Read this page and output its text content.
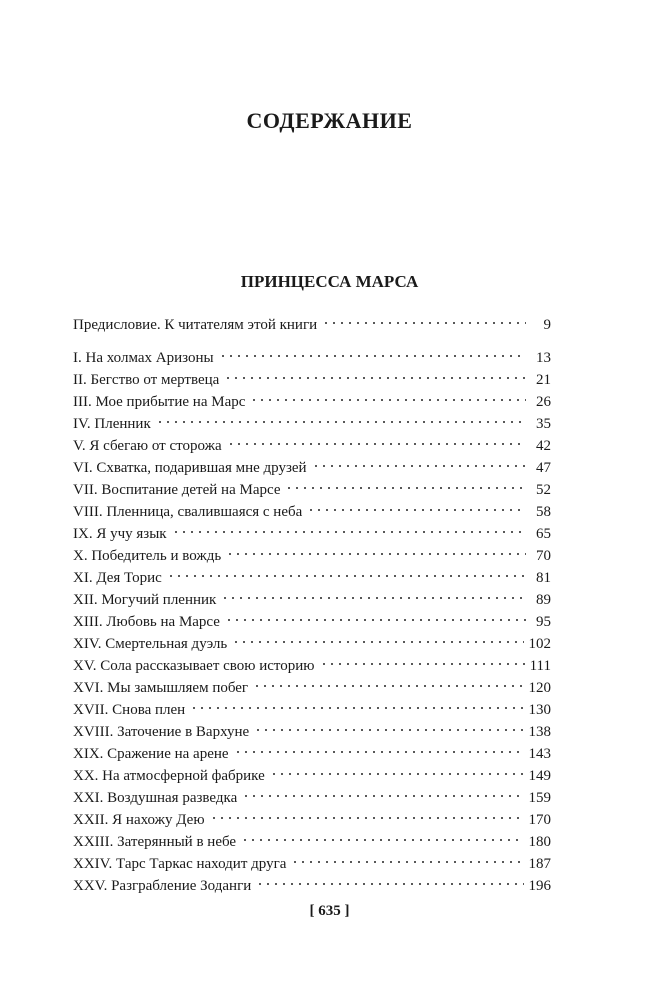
СОДЕРЖАНИЕ
ПРИНЦЕССА МАРСА
Предисловие. К читателям этой книги	9
I. На холмах Аризоны	13
II. Бегство от мертвеца	21
III. Мое прибытие на Марс	26
IV. Пленник	35
V. Я сбегаю от сторожа	42
VI. Схватка, подарившая мне друзей	47
VII. Воспитание детей на Марсе	52
VIII. Пленница, свалившаяся с неба	58
IX. Я учу язык	65
X. Победитель и вождь	70
XI. Дея Торис	81
XII. Могучий пленник	89
XIII. Любовь на Марсе	95
XIV. Смертельная дуэль	102
XV. Сола рассказывает свою историю	111
XVI. Мы замышляем побег	120
XVII. Снова плен	130
XVIII. Заточение в Вархуне	138
XIX. Сражение на арене	143
XX. На атмосферной фабрике	149
XXI. Воздушная разведка	159
XXII. Я нахожу Дею	170
XXIII. Затерянный в небе	180
XXIV. Тарс Таркас находит друга	187
XXV. Разграбление Зоданги	196
[ 635 ]
